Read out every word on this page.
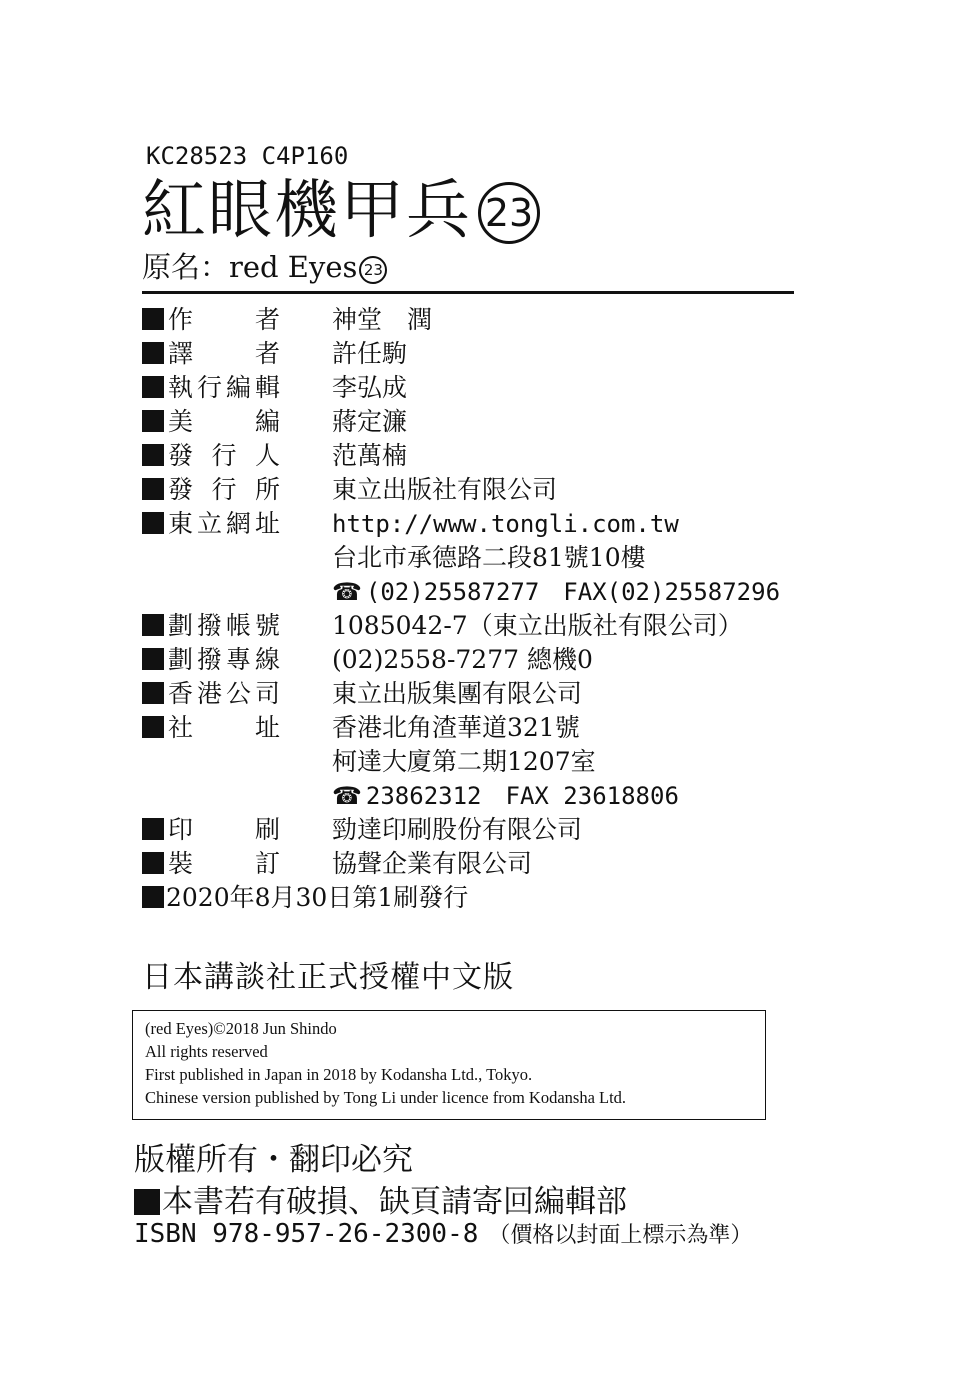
KC28523 C4P160
紅眼機甲兵 23
原名：red Eyes 23
作　者 神堂　潤
譯　者 許任駒
執行編輯 李弘成
美　編 蔣定濂
發行人 范萬楠
發行所 東立出版社有限公司
東立網址 http://www.tongli.com.tw
台北市承德路二段81號10樓
☎ (02)25587277　FAX(02)25587296
劃撥帳號 1085042-7（東立出版社有限公司）
劃撥專線 (02)2558-7277 總機0
香港公司 東立出版集團有限公司
社　址 香港北角渣華道321號
柯達大廈第二期1207室
☎ 23862312　FAX 23618806
印　刷 勁達印刷股份有限公司
裝　訂 協聲企業有限公司
2020年8月30日第1刷發行
日本講談社正式授權中文版
(red Eyes)©2018 Jun Shindo
All rights reserved
First published in Japan in 2018 by Kodansha Ltd., Tokyo.
Chinese version published by Tong Li under licence from Kodansha Ltd.
版權所有・翻印必究
本書若有破損、缺頁請寄回編輯部
ISBN 978-957-26-2300-8 （價格以封面上標示為準）
